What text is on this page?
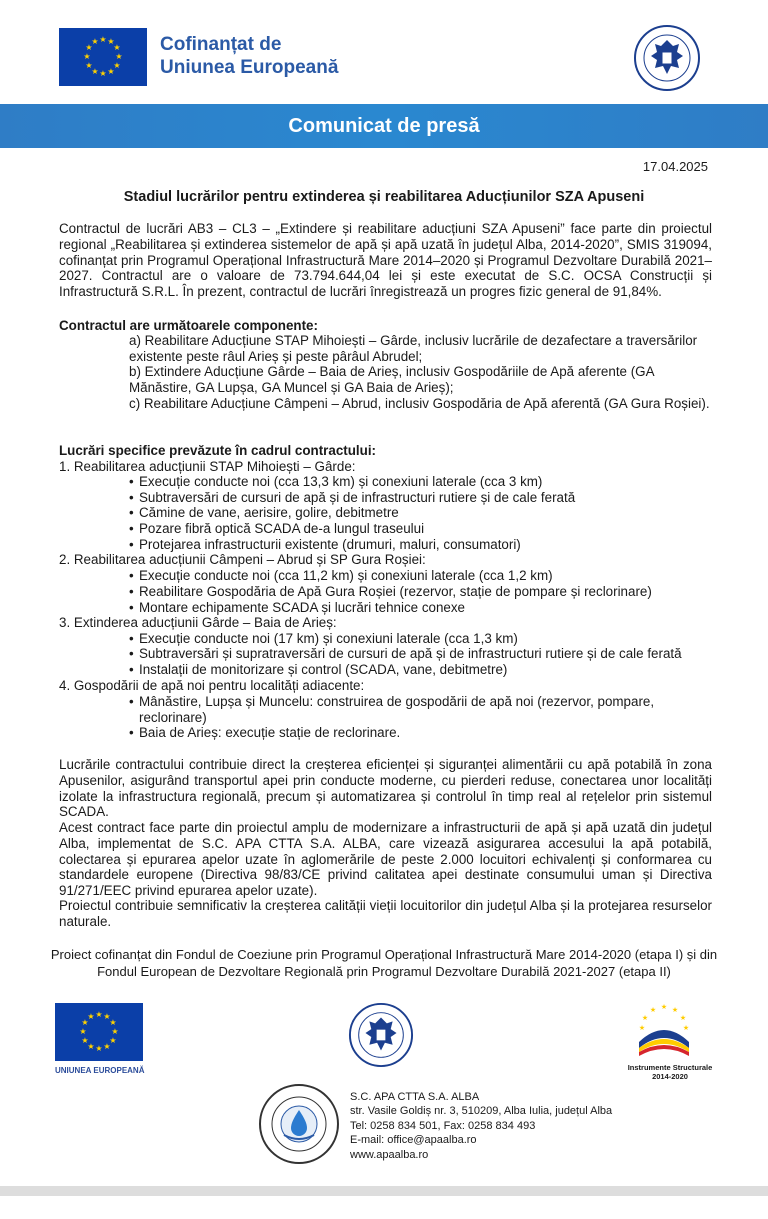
★ ★
★
★
★
★
★
★
★
★
★
★	Cofinanțat de
Uniunea Europeană
Comunicat de presă
17.04.2025
Stadiul lucrărilor pentru extinderea și reabilitarea Aducțiunilor SZA Apuseni
Contractul de lucrări AB3 – CL3 – „Extindere și reabilitare aducțiuni SZA Apuseni” face parte din proiectul regional „Reabilitarea și extinderea sistemelor de apă și apă uzată în județul Alba, 2014-2020”, SMIS 319094, cofinanțat prin Programul Operațional Infrastructură Mare 2014–2020 și Programul Dezvoltare Durabilă 2021–2027. Contractul are o valoare de 73.794.644,04 lei și este executat de S.C. OCSA Construcții și Infrastructură S.R.L. În prezent, contractul de lucrări înregistrează un progres fizic general de 91,84%.
Contractul are următoarele componente:
a) Reabilitare Aducțiune STAP Mihoiești – Gârde, inclusiv lucrările de dezafectare a traversărilor existente peste râul Arieș și peste pârâul Abrudel;
b) Extindere Aducțiune Gârde – Baia de Arieș, inclusiv Gospodăriile de Apă aferente (GA Mănăstire, GA Lupșa, GA Muncel și GA Baia de Arieș);
c) Reabilitare Aducțiune Câmpeni – Abrud, inclusiv Gospodăria de Apă aferentă (GA Gura Roșiei).
Lucrări specifice prevăzute în cadrul contractului:
1. Reabilitarea aducțiunii STAP Mihoiești – Gârde:
• Execuție conducte noi (cca 13,3 km) și conexiuni laterale (cca 3 km)
• Subtraversări de cursuri de apă și de infrastructuri rutiere și de cale ferată
• Cămine de vane, aerisire, golire, debitmetre
• Pozare fibră optică SCADA de-a lungul traseului
• Protejarea infrastructurii existente (drumuri, maluri, consumatori)
2. Reabilitarea aducțiunii Câmpeni – Abrud și SP Gura Roșiei:
• Execuție conducte noi (cca 11,2 km) și conexiuni laterale (cca 1,2 km)
• Reabilitare Gospodăria de Apă Gura Roșiei (rezervor, stație de pompare și reclorinare)
• Montare echipamente SCADA și lucrări tehnice conexe
3. Extinderea aducțiunii Gârde – Baia de Arieș:
• Execuție conducte noi (17 km) și conexiuni laterale (cca 1,3 km)
• Subtraversări și supratraversări de cursuri de apă și de infrastructuri rutiere și de cale ferată
• Instalații de monitorizare și control (SCADA, vane, debitmetre)
4. Gospodării de apă noi pentru localități adiacente:
• Mânăstire, Lupșa și Muncelu: construirea de gospodării de apă noi (rezervor, pompare, reclorinare)
• Baia de Arieș: execuție stație de reclorinare.
Lucrările contractului contribuie direct la creșterea eficienței și siguranței alimentării cu apă potabilă în zona Apusenilor, asigurând transportul apei prin conducte moderne, cu pierderi reduse, conectarea unor localități izolate la infrastructura regională, precum și automatizarea și controlul în timp real al rețelelor prin sistemul SCADA.
Acest contract face parte din proiectul amplu de modernizare a infrastructurii de apă și apă uzată din județul Alba, implementat de S.C. APA CTTA S.A. ALBA, care vizează asigurarea accesului la apă potabilă, colectarea și epurarea apelor uzate în aglomerările de peste 2.000 locuitori echivalenți și conformarea cu standardele europene (Directiva 98/83/CE privind calitatea apei destinate consumului uman și Directiva 91/271/EEC privind epurarea apelor uzate).
Proiectul contribuie semnificativ la creșterea calității vieții locuitorilor din județul Alba și la protejarea resurselor naturale.
Proiect cofinanțat din Fondul de Coeziune prin Programul Operațional Infrastructură Mare 2014-2020 (etapa I) și din
Fondul European de Dezvoltare Regională prin Programul Dezvoltare Durabilă 2021-2027 (etapa II)
★ ★
★
★
★
★
★
★
★
★
★
★
UNIUNEA EUROPEANĂ
★ ★
★
★
★
★
★
Instrumente Structurale
2014-2020
S.C. APA CTTA S.A. ALBA
str. Vasile Goldiș nr. 3, 510209, Alba Iulia, județul Alba
Tel: 0258 834 501, Fax: 0258 834 493
E-mail: office@apaalba.ro
www.apaalba.ro
